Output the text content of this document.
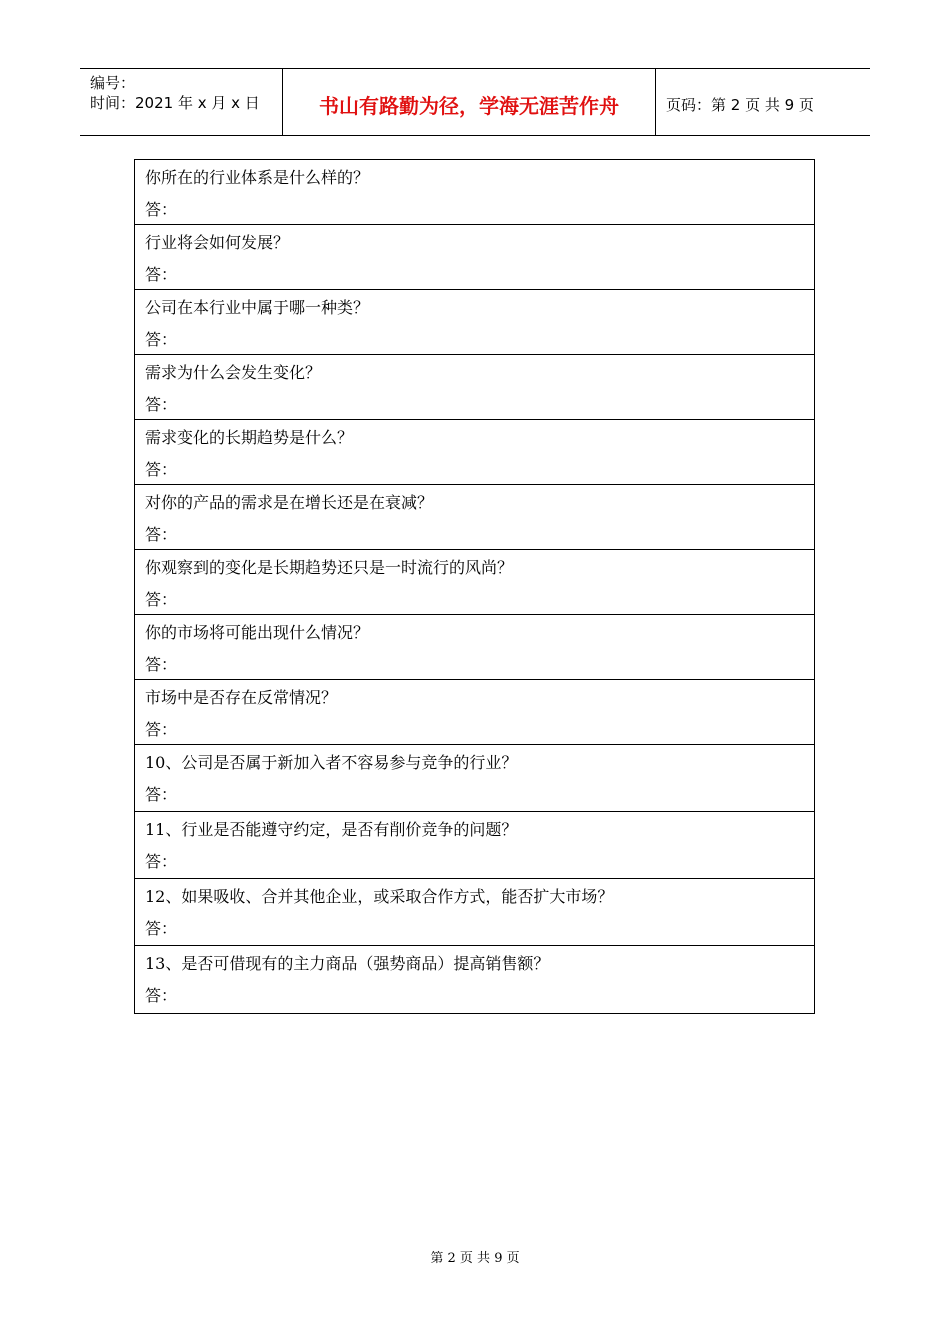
编号：
时间：2021 年 x 月 x 日	书山有路勤为径，学海无涯苦作舟	页码：第 2 页 共 9 页
你所在的行业体系是什么样的？
答：
行业将会如何发展？
答：
公司在本行业中属于哪一种类？
答：
需求为什么会发生变化？
答：
需求变化的长期趋势是什么？
答：
对你的产品的需求是在增长还是在衰减？
答：
你观察到的变化是长期趋势还只是一时流行的风尚？
答：
你的市场将可能出现什么情况？
答：
市场中是否存在反常情况？
答：
10、公司是否属于新加入者不容易参与竞争的行业？
答：
11、行业是否能遵守约定，是否有削价竞争的问题？
答：
12、如果吸收、合并其他企业，或采取合作方式，能否扩大市场？
答：
13、是否可借现有的主力商品（强势商品）提高销售额？
答：
第 2 页 共 9 页
